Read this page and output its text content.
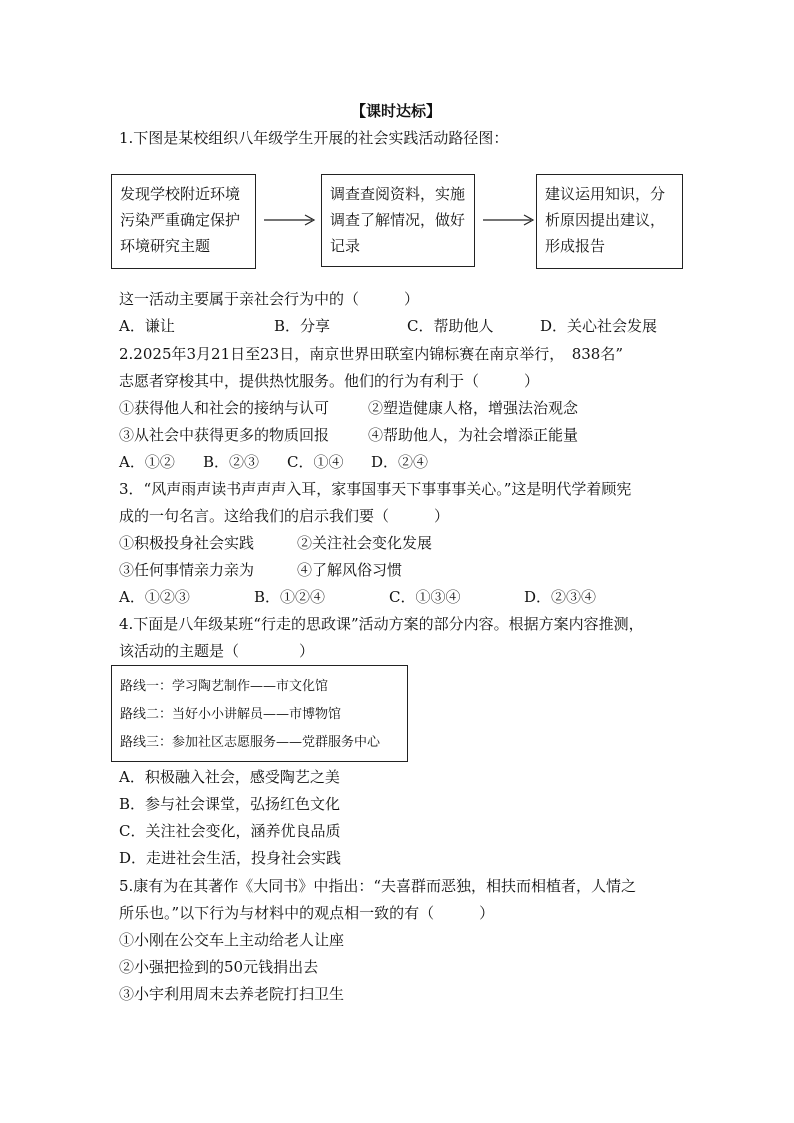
【课时达标】
1.下图是某校组织八年级学生开展的社会实践活动路径图：
发现学校附近环境污染严重确定保护环境研究主题
调查查阅资料，实施调查了解情况，做好记录
建议运用知识，分析原因提出建议，形成报告
这一活动主要属于亲社会行为中的（　　　）
A．谦让	B．分享	C．帮助他人	D．关心社会发展
2.2025年3月21日至23日，南京世界田联室内锦标赛在南京举行，　838名”
志愿者穿梭其中，提供热忱服务。他们的行为有利于（　　　）
①获得他人和社会的接纳与认可	②塑造健康人格，增强法治观念
③从社会中获得更多的物质回报	④帮助他人，为社会增添正能量
A．①② B．②③ C．①④ D．②④
3．“风声雨声读书声声声入耳，家事国事天下事事事关心。”这是明代学着顾宪
成的一句名言。这给我们的启示我们要（　　　）
①积极投身社会实践	②关注社会变化发展
③任何事情亲力亲为	④了解风俗习惯
A．①②③	B．①②④	C．①③④	D．②③④
4.下面是八年级某班“行走的思政课”活动方案的部分内容。根据方案内容推测，
该活动的主题是（　　　　）
路线一：学习陶艺制作——市文化馆
路线二：当好小小讲解员——市博物馆
路线三：参加社区志愿服务——党群服务中心
A．积极融入社会，感受陶艺之美
B．参与社会课堂，弘扬红色文化
C．关注社会变化，涵养优良品质
D．走进社会生活，投身社会实践
5.康有为在其著作《大同书》中指出：“夫喜群而恶独，相扶而相植者，人情之
所乐也。”以下行为与材料中的观点相一致的有（　　　）
①小刚在公交车上主动给老人让座
②小强把捡到的50元钱捐出去
③小宇利用周末去养老院打扫卫生
